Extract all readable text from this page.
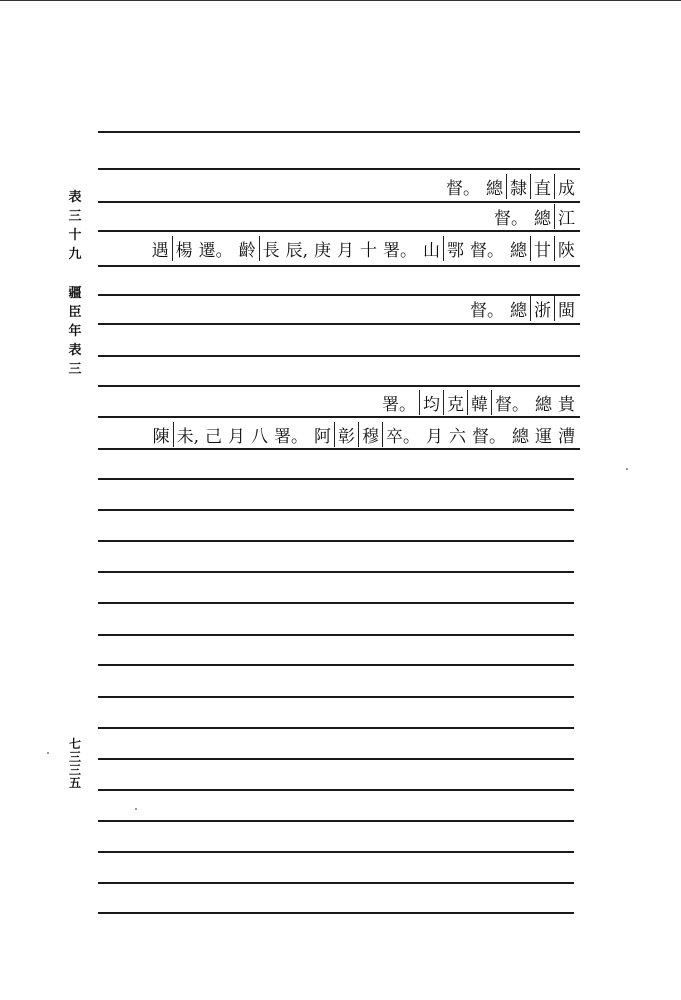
表
三
十
九
疆
臣
年
表
三
七
三
三
五
成
直
隸
總
督。
江
總
督。
陝
甘
總
督。
鄂
山
署。
十
月
庚
辰,
長
齡
遷。
楊
遇
閩
浙
總
督。
貴
總
督。
韓
克
均
署。
漕
運
總
督。
六
月
卒。
穆
彰
阿
署。
八
月
己
未,
陳
